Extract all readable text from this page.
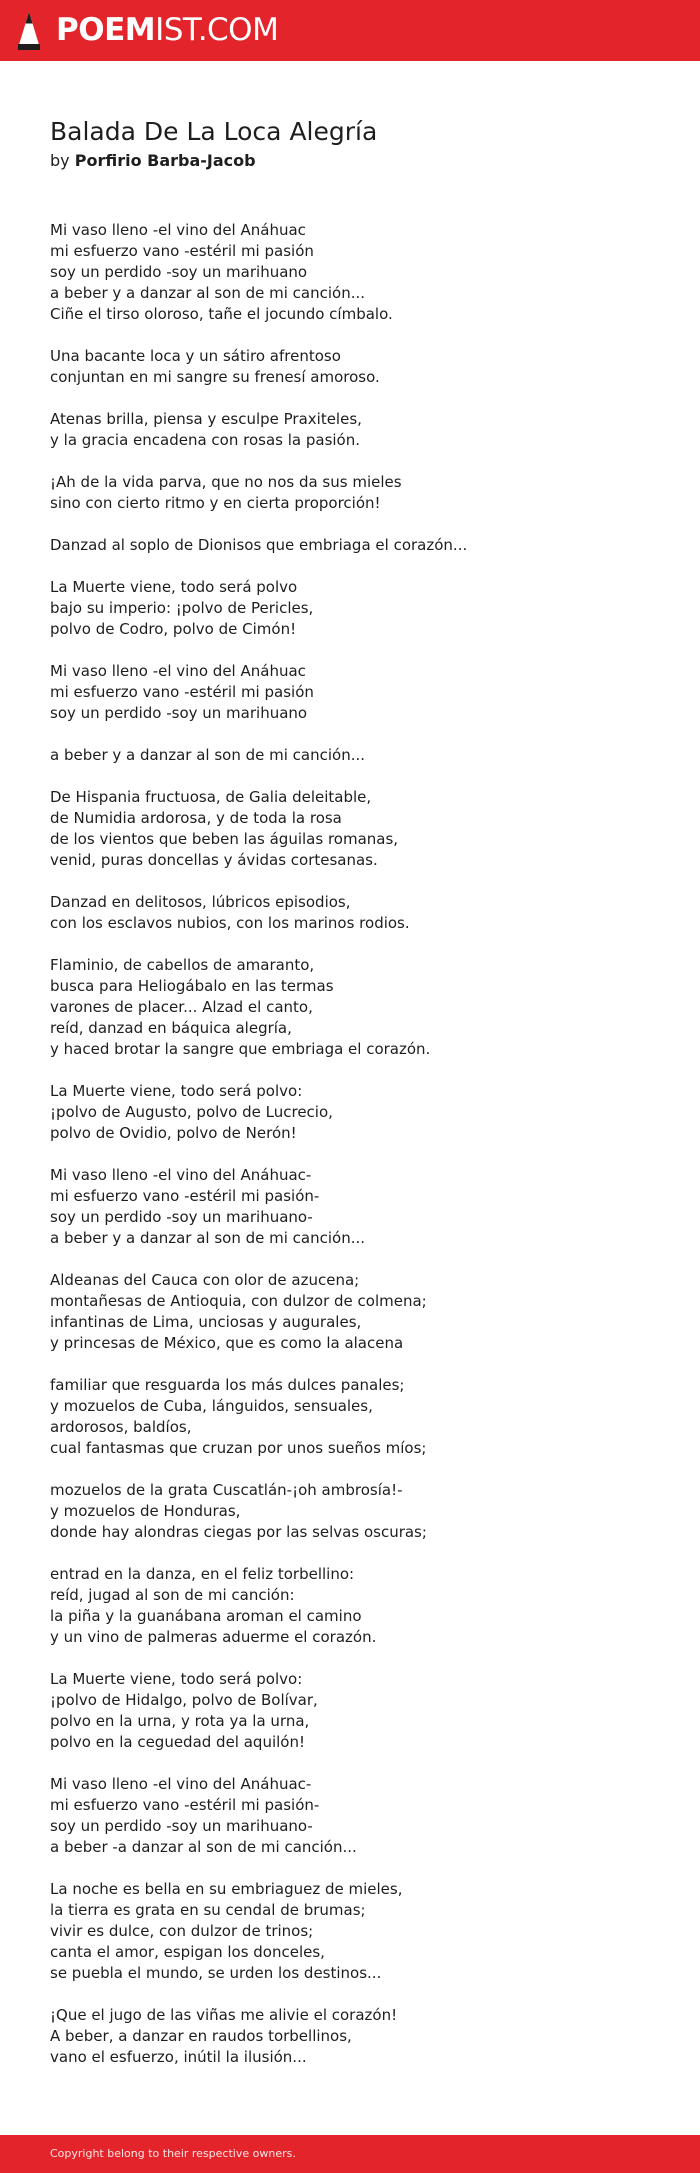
POEMIST.COM
Balada De La Loca Alegría

by Porfirio Barba-Jacob

Mi vaso lleno -el vino del Anáhuac
mi esfuerzo vano -estéril mi pasión
soy un perdido -soy un marihuano
a beber y a danzar al son de mi canción...
Ciñe el tirso oloroso, tañe el jocundo címbalo.
Una bacante loca y un sátiro afrentoso
conjuntan en mi sangre su frenesí amoroso.
Atenas brilla, piensa y esculpe Praxiteles,
y la gracia encadena con rosas la pasión.
¡Ah de la vida parva, que no nos da sus mieles
sino con cierto ritmo y en cierta proporción!
Danzad al soplo de Dionisos que embriaga el corazón...
La Muerte viene, todo será polvo
bajo su imperio: ¡polvo de Pericles,
polvo de Codro, polvo de Cimón!
Mi vaso lleno -el vino del Anáhuac
mi esfuerzo vano -estéril mi pasión
soy un perdido -soy un marihuano
a beber y a danzar al son de mi canción...
De Hispania fructuosa, de Galia deleitable,
de Numidia ardorosa, y de toda la rosa
de los vientos que beben las águilas romanas,
venid, puras doncellas y ávidas cortesanas.
Danzad en delitosos, lúbricos episodios,
con los esclavos nubios, con los marinos rodios.
Flaminio, de cabellos de amaranto,
busca para Heliogábalo en las termas
varones de placer... Alzad el canto,
reíd, danzad en báquica alegría,
y haced brotar la sangre que embriaga el corazón.
La Muerte viene, todo será polvo:
¡polvo de Augusto, polvo de Lucrecio,
polvo de Ovidio, polvo de Nerón!
Mi vaso lleno -el vino del Anáhuac-
mi esfuerzo vano -estéril mi pasión-
soy un perdido -soy un marihuano-
a beber y a danzar al son de mi canción...
Aldeanas del Cauca con olor de azucena;
montañesas de Antioquia, con dulzor de colmena;
infantinas de Lima, unciosas y augurales,
y princesas de México, que es como la alacena
familiar que resguarda los más dulces panales;
y mozuelos de Cuba, lánguidos, sensuales,
ardorosos, baldíos,
cual fantasmas que cruzan por unos sueños míos;
mozuelos de la grata Cuscatlán-¡oh ambrosía!-
y mozuelos de Honduras,
donde hay alondras ciegas por las selvas oscuras;
entrad en la danza, en el feliz torbellino:
reíd, jugad al son de mi canción:
la piña y la guanábana aroman el camino
y un vino de palmeras aduerme el corazón.
La Muerte viene, todo será polvo:
¡polvo de Hidalgo, polvo de Bolívar,
polvo en la urna, y rota ya la urna,
polvo en la ceguedad del aquilón!
Mi vaso lleno -el vino del Anáhuac-
mi esfuerzo vano -estéril mi pasión-
soy un perdido -soy un marihuano-
a beber -a danzar al son de mi canción...
La noche es bella en su embriaguez de mieles,
la tierra es grata en su cendal de brumas;
vivir es dulce, con dulzor de trinos;
canta el amor, espigan los donceles,
se puebla el mundo, se urden los destinos...
¡Que el jugo de las viñas me alivie el corazón!
A beber, a danzar en raudos torbellinos,
vano el esfuerzo, inútil la ilusión...
Copyright belong to their respective owners.
